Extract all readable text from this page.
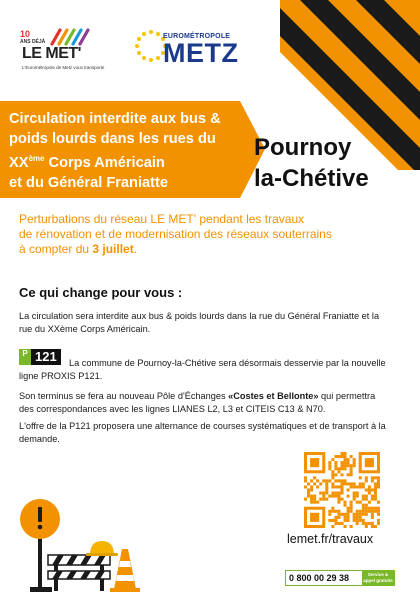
10
ANS DÉJÀ
LE MET'
L'Eurométropole de Metz vous transporte
EUROMÉTROPOLE
METZ
Circulation interdite aux bus &
poids lourds dans les rues du
XXème Corps Américain
et du Général Franiatte
Pournoy
la-Chétive
Perturbations du réseau LE MET' pendant les travaux
de rénovation et de modernisation des réseaux souterrains
à compter du 3 juillet.
Ce qui change pour vous :
La circulation sera interdite aux bus & poids lourds dans la rue du Général Franiatte et la rue du XXème Corps Américain.
P 121	La commune de Pournoy-la-Chétive sera désormais desservie par la nouvelle ligne PROXIS P121.
Son terminus se fera au nouveau Pôle d'Échanges «Costes et Bellonte» qui permettra des correspondances avec les lignes LIANES L2, L3 et CITEIS C13 & N70.
L'offre de la P121 proposera une alternance de courses systématiques et de transport à la demande.
lemet.fr/travaux
0 800 00 29 38	Service & appel gratuits
